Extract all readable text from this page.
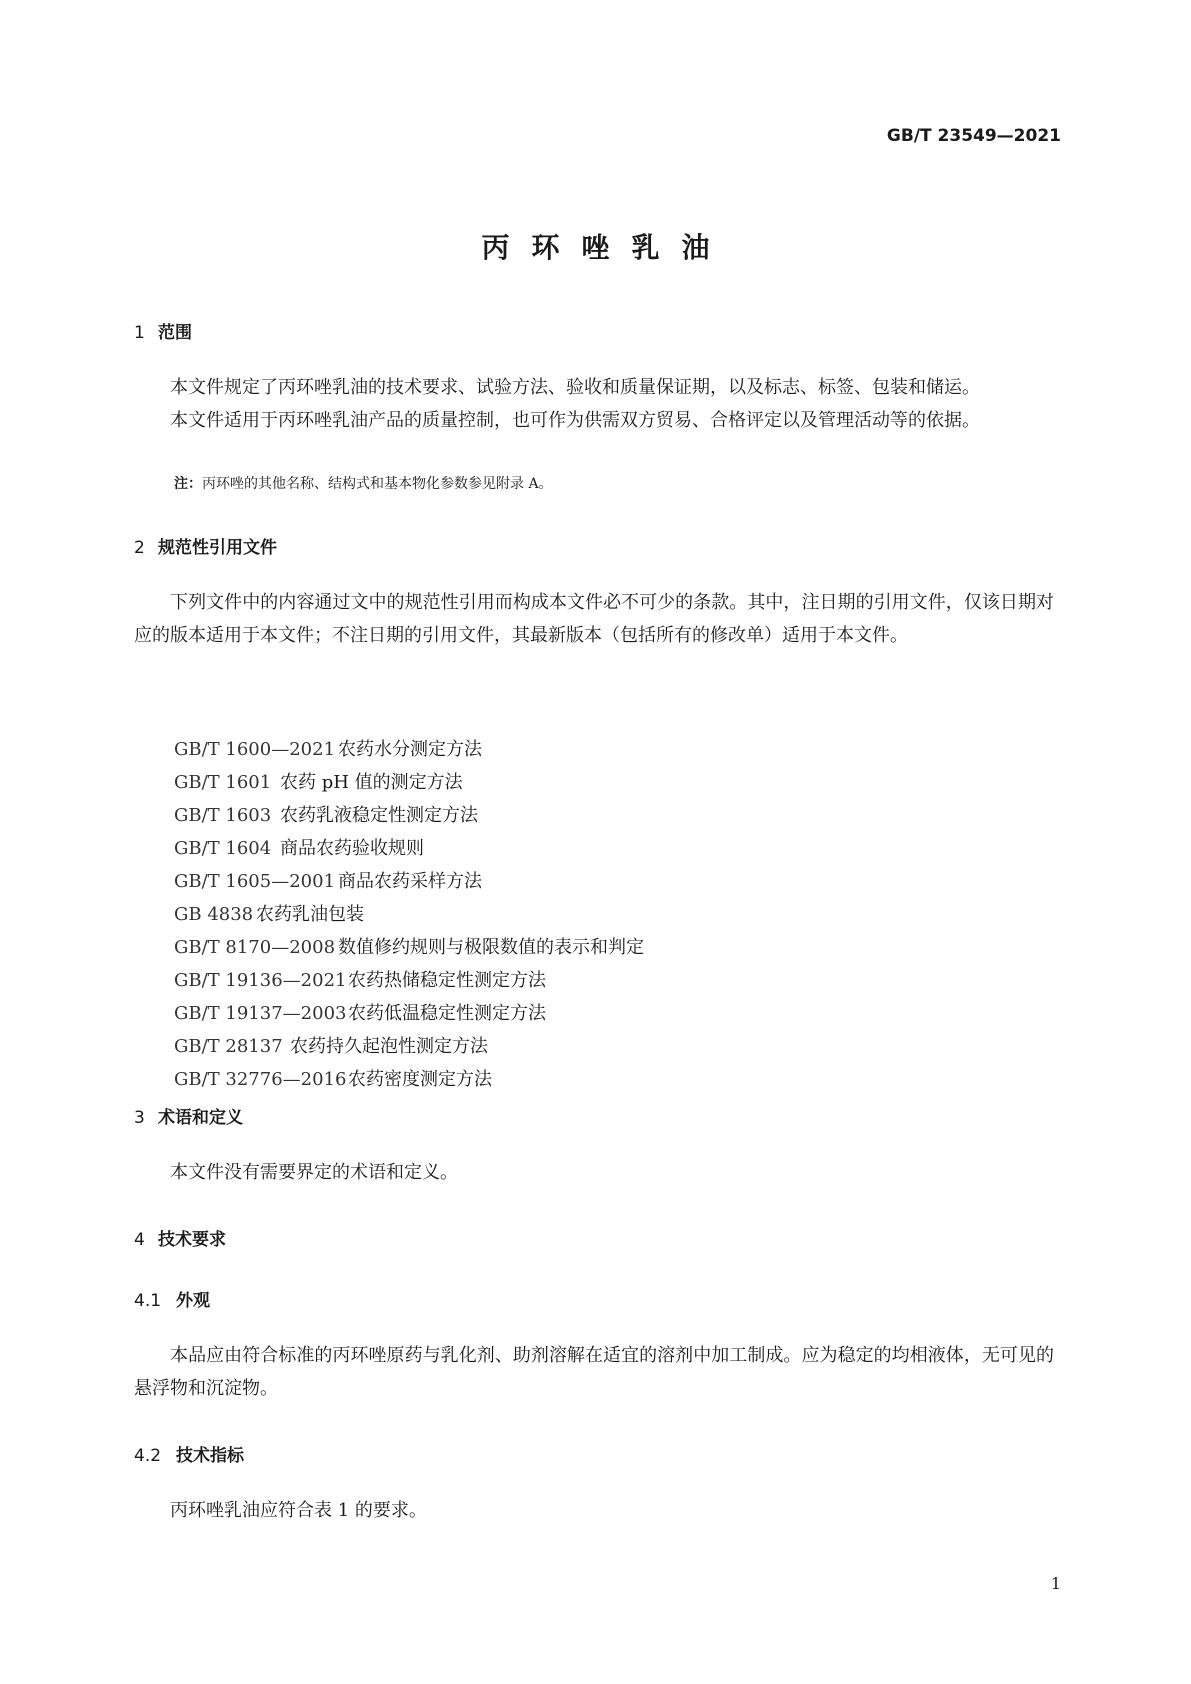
GB/T 23549—2021
丙环唑乳油
1 范围
本文件规定了丙环唑乳油的技术要求、试验方法、验收和质量保证期，以及标志、标签、包装和储运。
本文件适用于丙环唑乳油产品的质量控制，也可作为供需双方贸易、合格评定以及管理活动等的依据。
注：丙环唑的其他名称、结构式和基本物化参数参见附录 A。
2 规范性引用文件
下列文件中的内容通过文中的规范性引用而构成本文件必不可少的条款。其中，注日期的引用文件，仅该日期对应的版本适用于本文件；不注日期的引用文件，其最新版本（包括所有的修改单）适用于本文件。
GB/T 1600—2021 农药水分测定方法
GB/T 1601 农药 pH 值的测定方法
GB/T 1603 农药乳液稳定性测定方法
GB/T 1604 商品农药验收规则
GB/T 1605—2001 商品农药采样方法
GB 4838 农药乳油包装
GB/T 8170—2008 数值修约规则与极限数值的表示和判定
GB/T 19136—2021农药热储稳定性测定方法
GB/T 19137—2003农药低温稳定性测定方法
GB/T 28137 农药持久起泡性测定方法
GB/T 32776—2016农药密度测定方法
3 术语和定义
本文件没有需要界定的术语和定义。
4 技术要求
4.1 外观
本品应由符合标准的丙环唑原药与乳化剂、助剂溶解在适宜的溶剂中加工制成。应为稳定的均相液体，无可见的悬浮物和沉淀物。
4.2 技术指标
丙环唑乳油应符合表 1 的要求。
1
